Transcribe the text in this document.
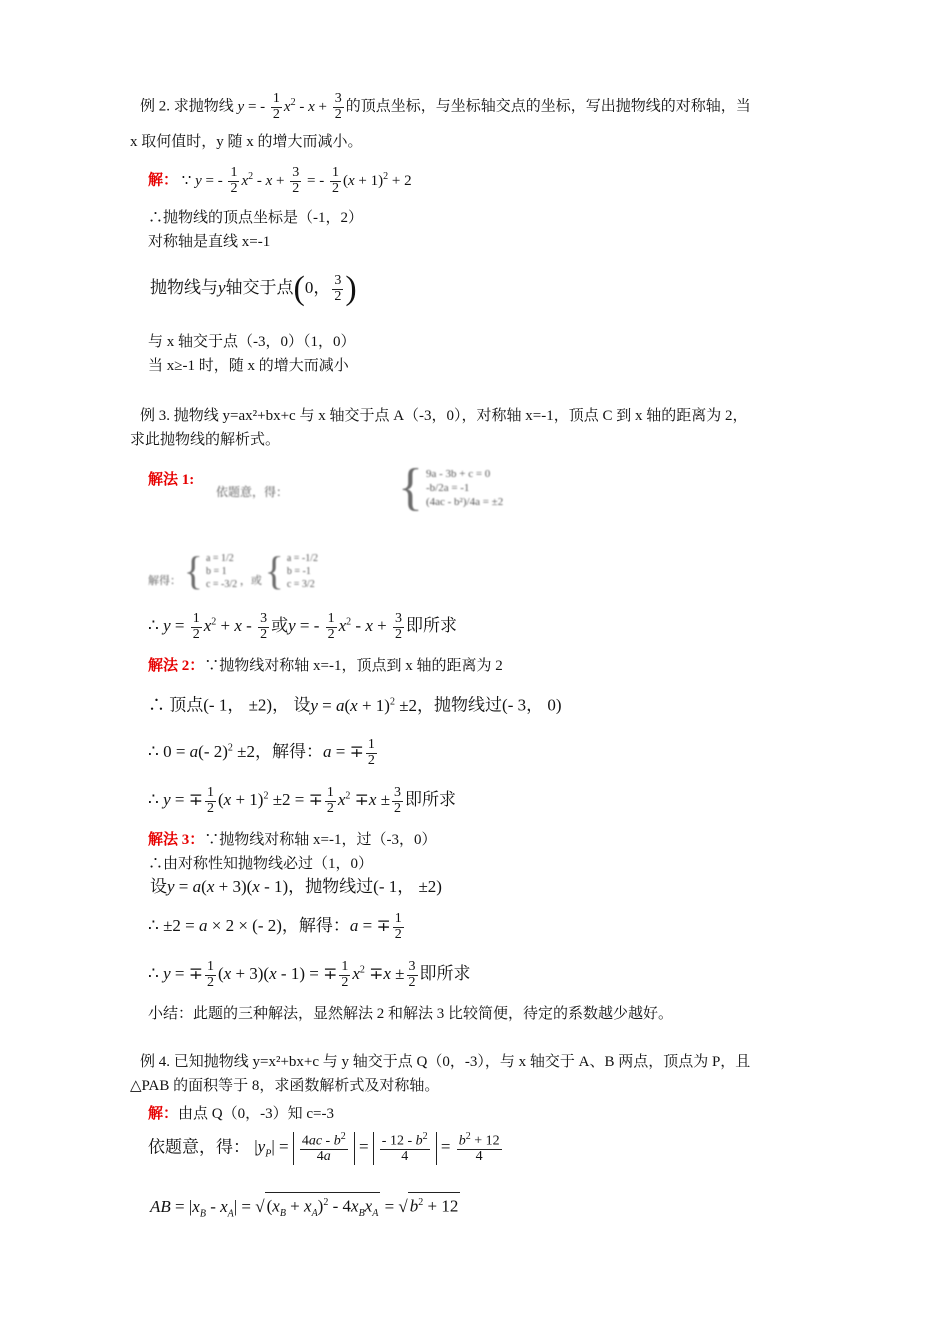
例 2. 求抛物线 y = - $\frac{1}{2} x^2 - x + \frac{3}{2}$ 的顶点坐标，与坐标轴交点的坐标，写出抛物线的对称轴，当
x 取何值时，y 随 x 的增大而减小。
解： ∵ y = - $\frac{1}{2} x^2 - x + \frac{3}{2}$ = - $\frac{1}{2} (x + 1)^2 + 2$
∴抛物线的顶点坐标是（-1，2）
对称轴是直线 x=-1
抛物线与y轴交于点(0， $\frac{3}{2}$ )
与 x 轴交于点（-3，0）（1，0）
当 x≥-1 时，随 x 的增大而减小
例 3. 抛物线 y=ax²+bx+c 与 x 轴交于点 A（-3，0），对称轴 x=-1，顶点 C 到 x 轴的距离为 2，
求此抛物线的解析式。
解法 1:
依题意，得： { 9a - 3b + c = 0
-b/2a = -1
(4ac - b²)/4a = ±2
解得： { a = 1/2
b = 1
c = -3/2 ，或 { a = -1/2
b = -1
c = 3/2
∴ $y = \frac{1}{2} x^2 + x - \frac{3}{2}$ 或y = - $\frac{1}{2} x^2 - x + \frac{3}{2}$ 即所求
解法 2：∵抛物线对称轴 x=-1，顶点到 x 轴的距离为 2
∴ 顶点(- 1， ±2)， 设$y = a(x + 1)^2 \pm 2$，抛物线过(- 3， 0)
∴ 0 = a(- 2)$^2$ ±2，解得：a = ∓ $\frac{1}{2}$
∴ y = ∓ $\frac{1}{2} (x + 1)^2 \pm 2$ = ∓ $\frac{1}{2} x^2 \mp x \pm \frac{3}{2}$ 即所求
解法 3：∵抛物线对称轴 x=-1，过（-3，0）
∴由对称性知抛物线必过（1，0）
设y = a(x + 3)(x - 1)，抛物线过(- 1， ±2)
∴ ±2 = a × 2 × (- 2)，解得：a = ∓ $\frac{1}{2}$
∴ y = ∓ $\frac{1}{2} (x + 3)(x - 1)$ = ∓ $\frac{1}{2} x^2 \mp x \pm \frac{3}{2}$ 即所求
小结：此题的三种解法，显然解法 2 和解法 3 比较简便，待定的系数越少越好。
例 4. 已知抛物线 y=x²+bx+c 与 y 轴交于点 Q（0，-3），与 x 轴交于 A、B 两点，顶点为 P，且
△PAB 的面积等于 8，求函数解析式及对称轴。
解：由点 Q（0，-3）知 c=-3
依题意，得： $|y_P| = \frac{4ac - b^2}{4a} = \frac{- 12 - b^2}{4} = \frac{b^2 + 12}{4}$
AB = $|x_B - x_A|$ = √ $(x_B + x_A)^2 - 4x_Bx_A$ = √ $b^2 + 12$
